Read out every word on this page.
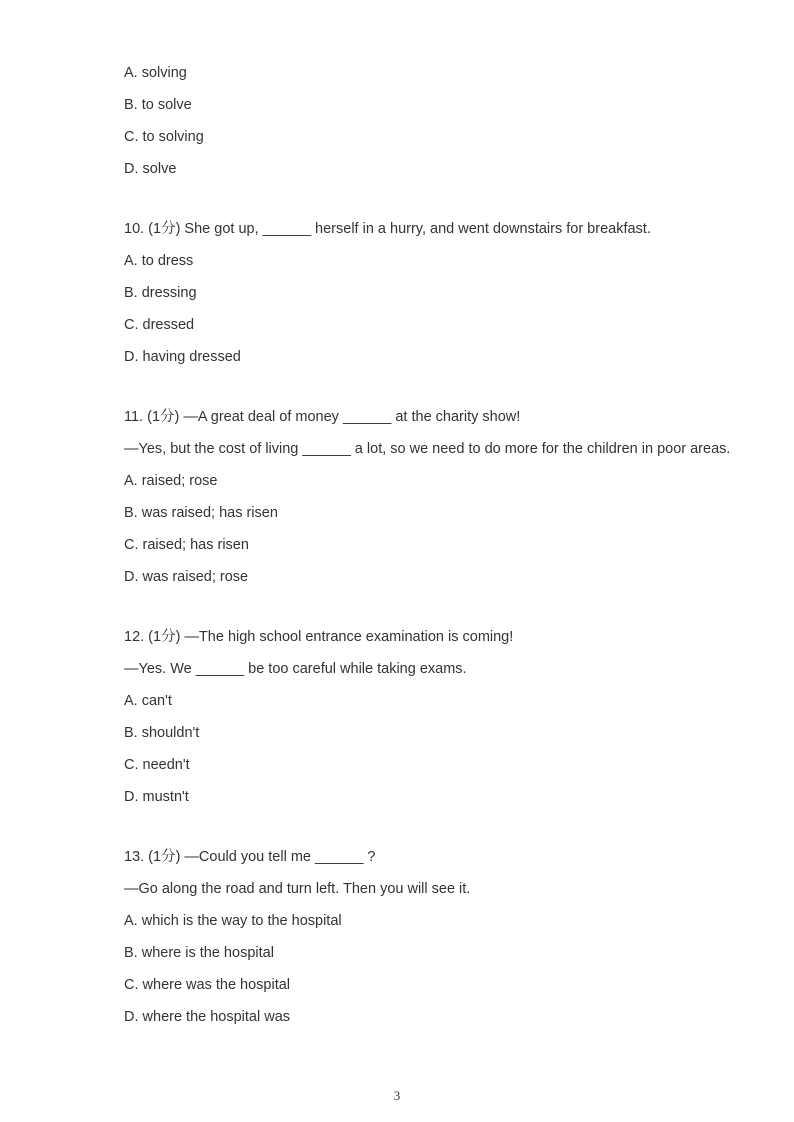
A. solving
B. to solve
C. to solving
D. solve
10. (1分) She got up, ______ herself in a hurry, and went downstairs for breakfast.
A. to dress
B. dressing
C. dressed
D. having dressed
11. (1分) —A great deal of money ______ at the charity show!
—Yes, but the cost of living ______ a lot, so we need to do more for the children in poor areas.
A. raised; rose
B. was raised; has risen
C. raised; has risen
D. was raised; rose
12. (1分) —The high school entrance examination is coming!
—Yes. We ______ be too careful while taking exams.
A. can't
B. shouldn't
C. needn't
D. mustn't
13. (1分) —Could you tell me ______ ?
—Go along the road and turn left. Then you will see it.
A. which is the way to the hospital
B. where is the hospital
C. where was the hospital
D. where the hospital was
3
